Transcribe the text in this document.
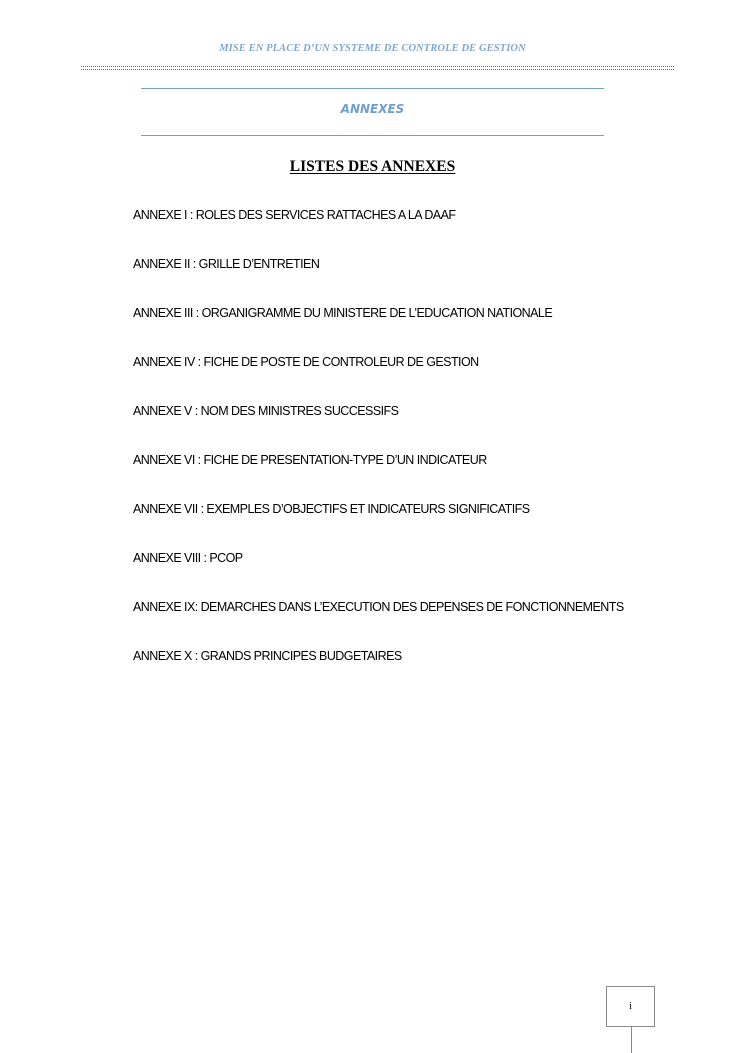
MISE EN PLACE D’UN SYSTEME DE CONTROLE DE GESTION
ANNEXES
LISTES DES ANNEXES
ANNEXE I : ROLES DES SERVICES RATTACHES A LA DAAF
ANNEXE II : GRILLE D’ENTRETIEN
ANNEXE III : ORGANIGRAMME DU MINISTERE DE L’EDUCATION NATIONALE
ANNEXE IV : FICHE DE POSTE DE CONTROLEUR DE GESTION
ANNEXE V : NOM DES MINISTRES SUCCESSIFS
ANNEXE VI : FICHE DE PRESENTATION-TYPE D’UN INDICATEUR
ANNEXE VII : EXEMPLES D’OBJECTIFS ET INDICATEURS SIGNIFICATIFS
ANNEXE VIII : PCOP
ANNEXE IX: DEMARCHES DANS L’EXECUTION DES DEPENSES DE FONCTIONNEMENTS
ANNEXE X : GRANDS PRINCIPES BUDGETAIRES
i
